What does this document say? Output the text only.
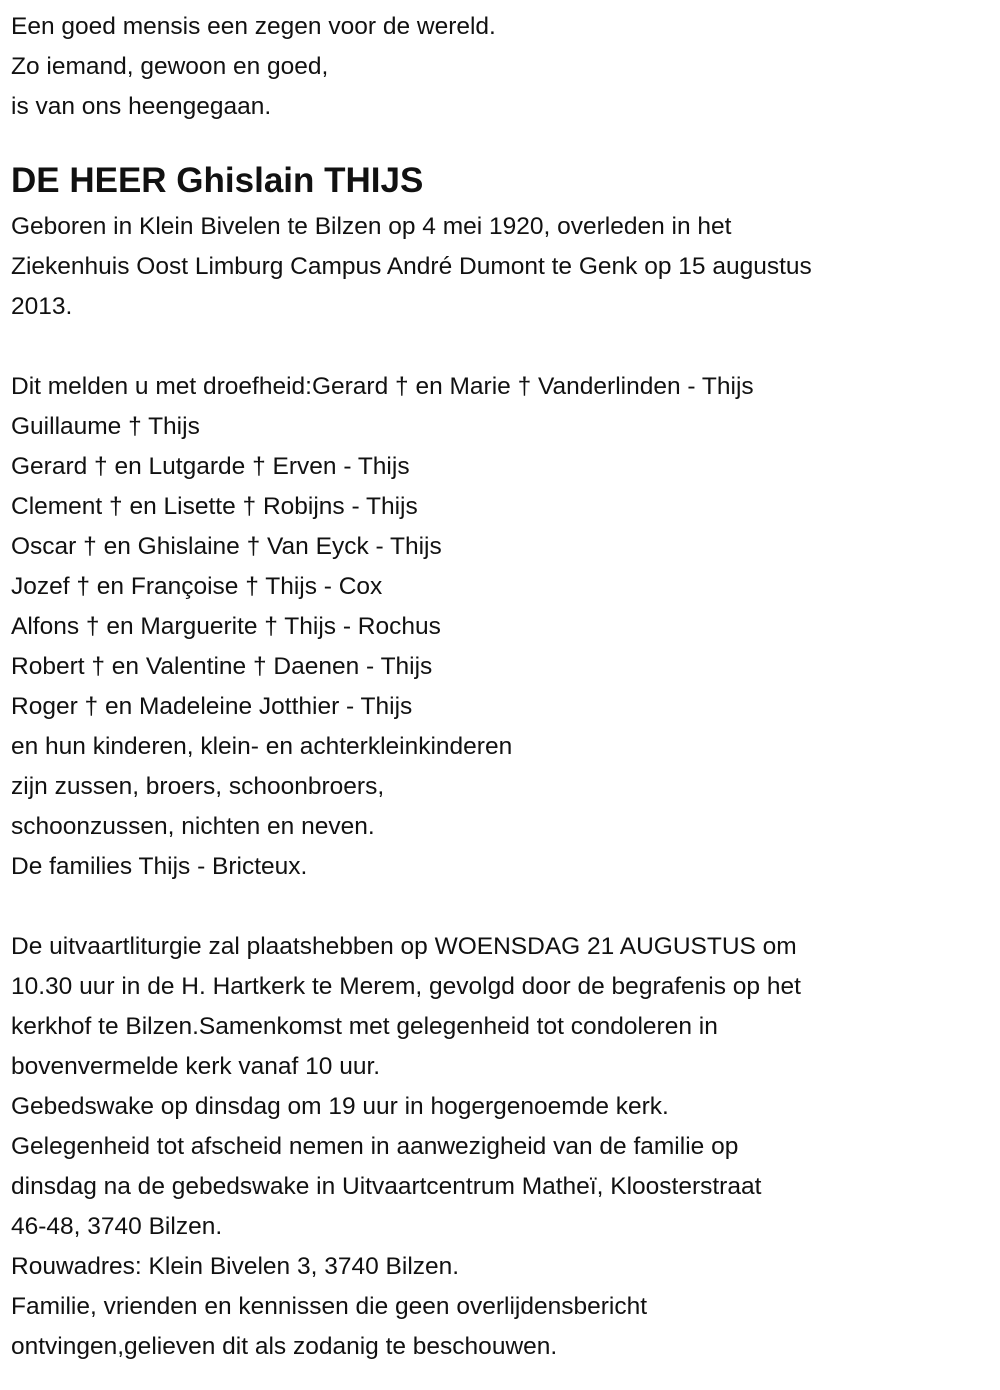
Een goed mensis een zegen voor de wereld.
Zo iemand, gewoon en goed,
is van ons heengegaan.
DE HEER Ghislain THIJS
Geboren in Klein Bivelen te Bilzen op 4 mei 1920, overleden in het
Ziekenhuis Oost Limburg Campus André Dumont te Genk op 15 augustus
2013.
Dit melden u met droefheid:Gerard † en Marie † Vanderlinden - Thijs
Guillaume † Thijs
Gerard † en Lutgarde † Erven - Thijs
Clement † en Lisette † Robijns - Thijs
Oscar † en Ghislaine † Van Eyck - Thijs
Jozef † en Françoise † Thijs - Cox
Alfons † en Marguerite † Thijs - Rochus
Robert † en Valentine † Daenen - Thijs
Roger † en Madeleine Jotthier - Thijs
en hun kinderen, klein- en achterkleinkinderen
zijn zussen, broers, schoonbroers,
schoonzussen, nichten en neven.
De families Thijs - Bricteux.
De uitvaartliturgie zal plaatshebben op WOENSDAG 21 AUGUSTUS om
10.30 uur in de H. Hartkerk te Merem, gevolgd door de begrafenis op het
kerkhof te Bilzen.Samenkomst met gelegenheid tot condoleren in
bovenvermelde kerk vanaf 10 uur.
Gebedswake op dinsdag om 19 uur in hogergenoemde kerk.
Gelegenheid tot afscheid nemen in aanwezigheid van de familie op
dinsdag na de gebedswake in Uitvaartcentrum Matheï, Kloosterstraat
46-48, 3740 Bilzen.
Rouwadres: Klein Bivelen 3, 3740 Bilzen.
Familie, vrienden en kennissen die geen overlijdensbericht
ontvingen,gelieven dit als zodanig te beschouwen.
